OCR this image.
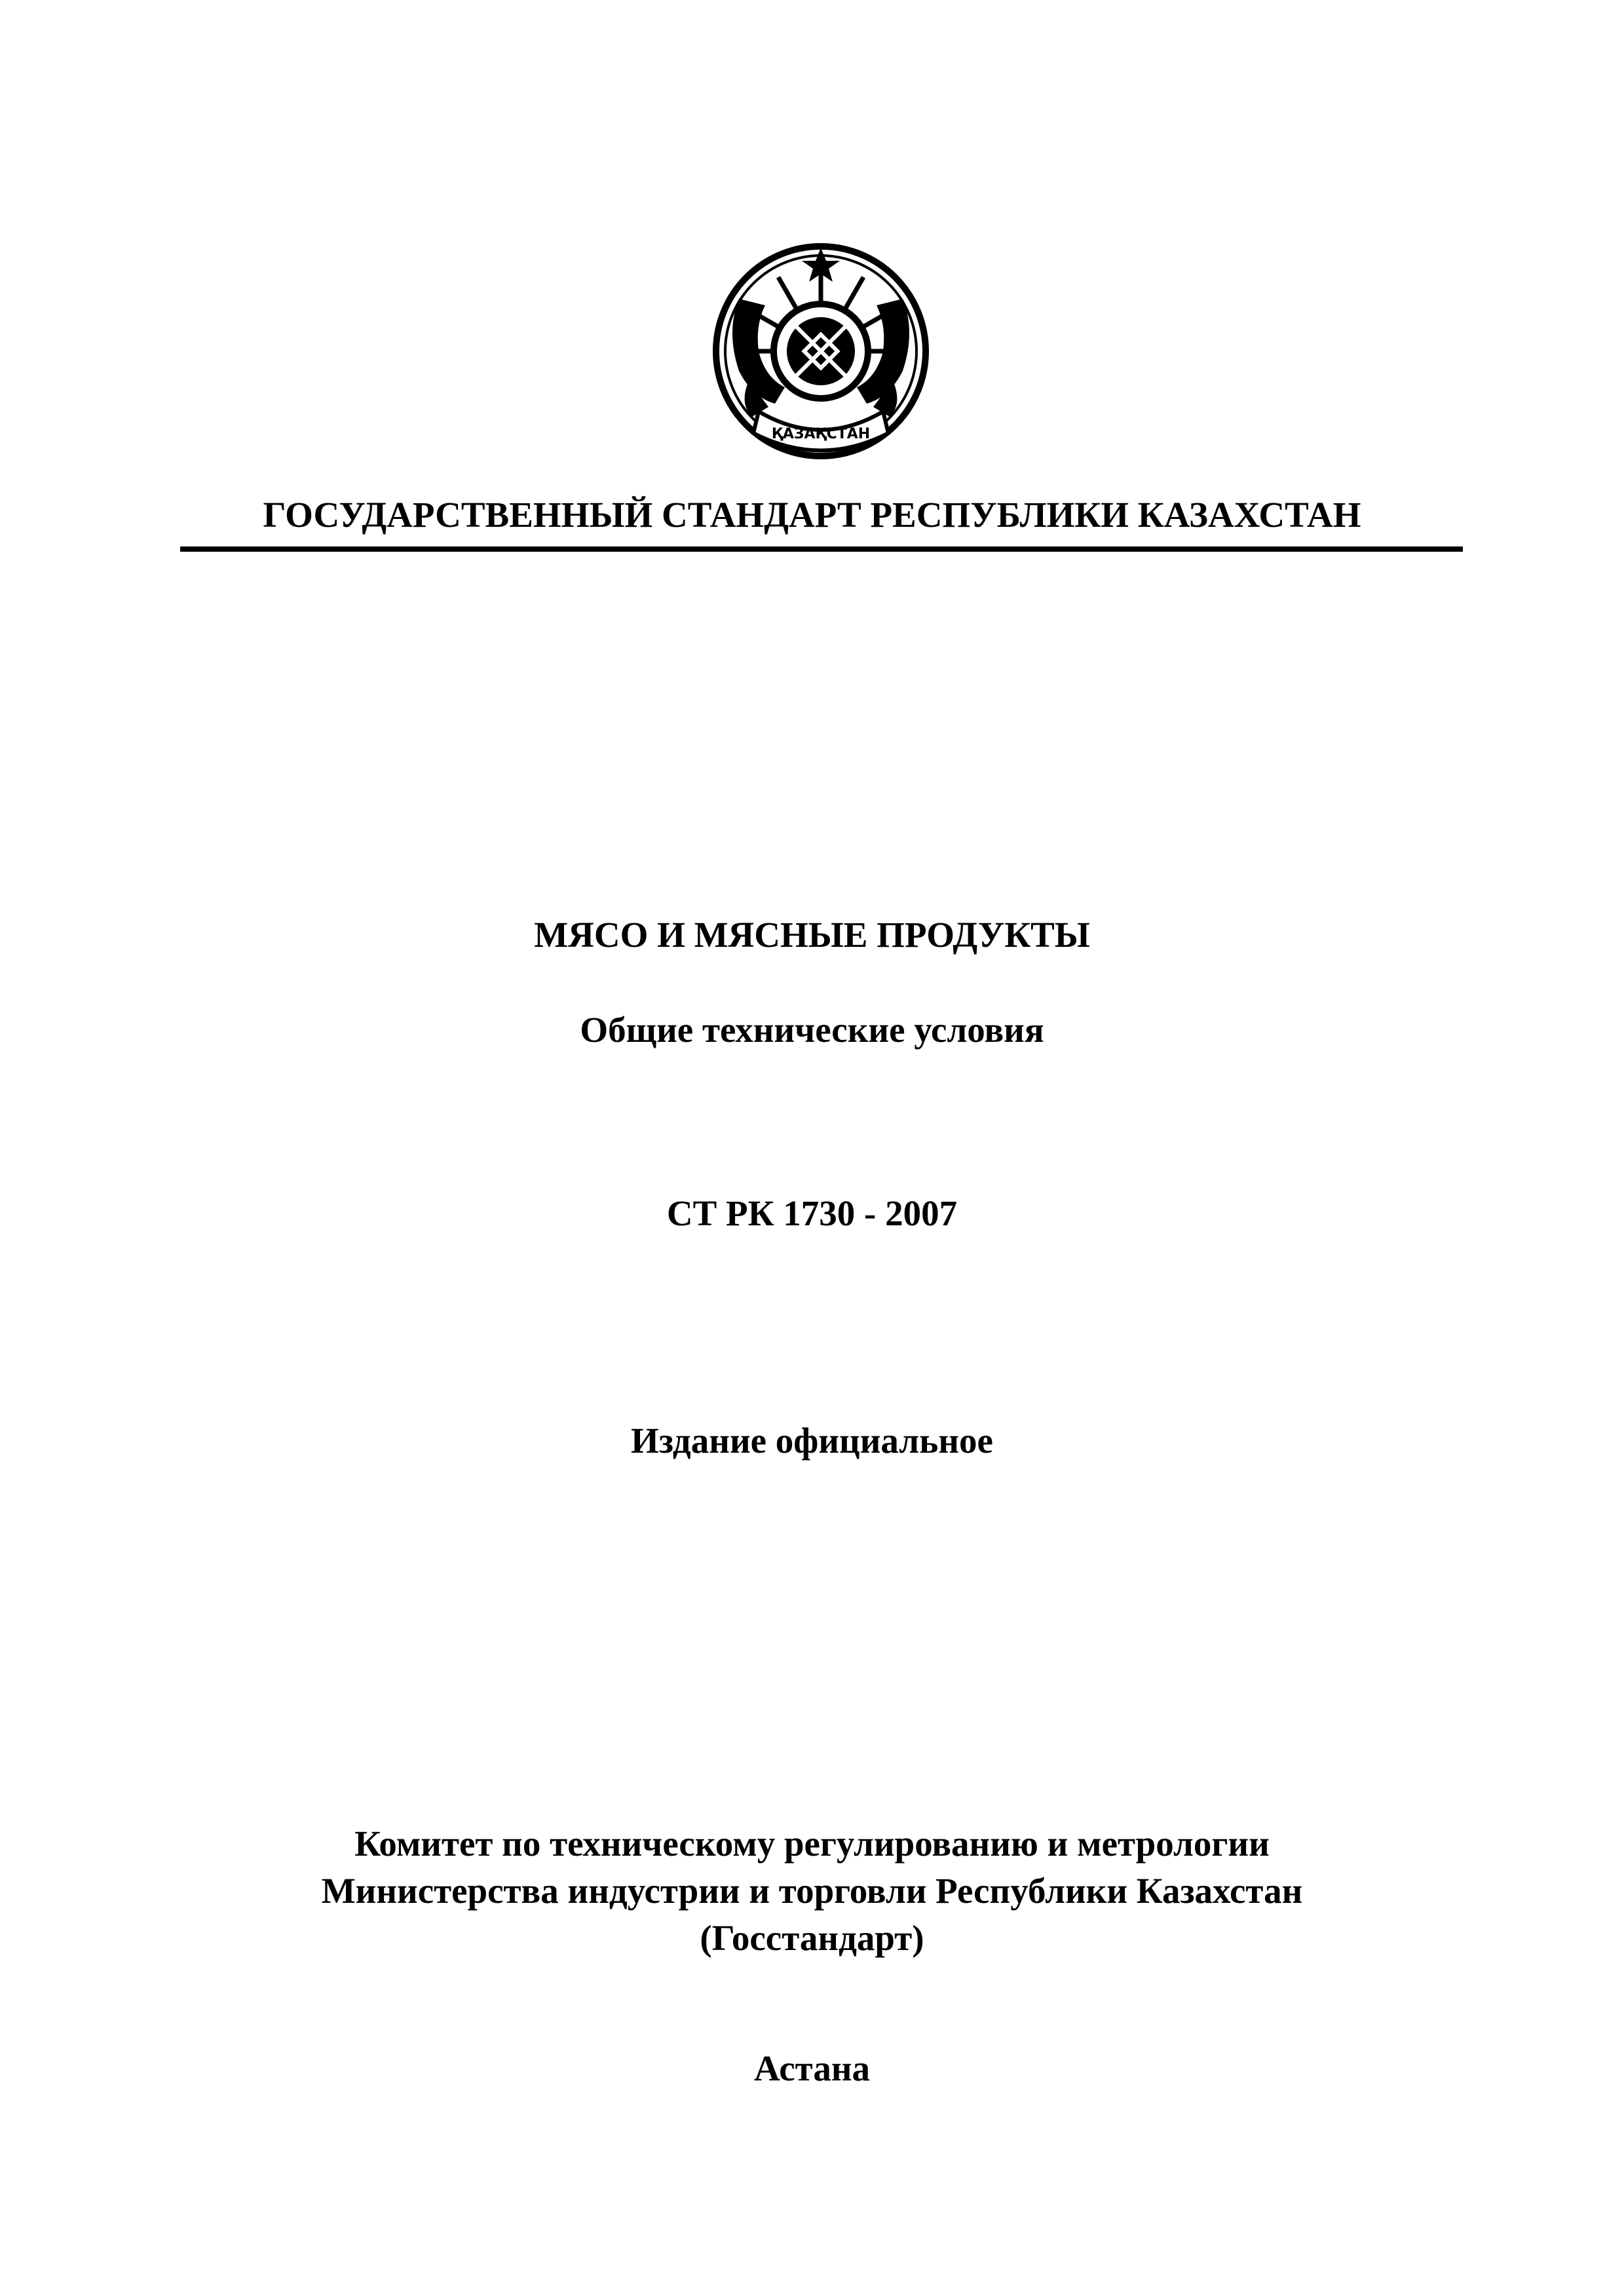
ҚАЗАҚСТАН
ГОСУДАРСТВЕННЫЙ СТАНДАРТ РЕСПУБЛИКИ КАЗАХСТАН
МЯСО И МЯСНЫЕ ПРОДУКТЫ
Общие технические условия
СТ РК 1730 - 2007
Издание официальное
Комитет по техническому регулированию и метрологии
Министерства индустрии и торговли Республики Казахстан
(Госстандарт)
Астана
